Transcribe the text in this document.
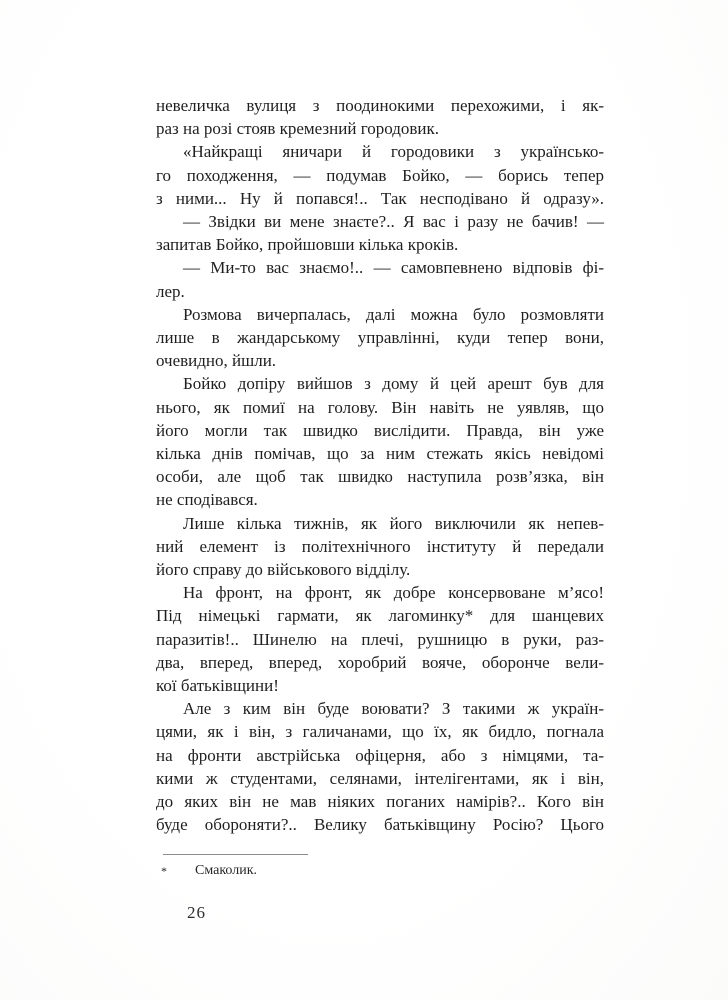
невеличка вулиця з поодинокими перехожими, і як-
раз на розі стояв кремезний городовик.
«Найкращі яничари й городовики з українсько-
го походження, — подумав Бойко, — борись тепер
з ними... Ну й попався!.. Так несподівано й одразу».
— Звідки ви мене знаєте?.. Я вас і разу не бачив! —
запитав Бойко, пройшовши кілька кроків.
— Ми-то вас знаємо!.. — самовпевнено відповів фі-
лер.
Розмова вичерпалась, далі можна було розмовляти
лише в жандарському управлінні, куди тепер вони,
очевидно, йшли.
Бойко допіру вийшов з дому й цей арешт був для
нього, як помиї на голову. Він навіть не уявляв, що
його могли так швидко вислідити. Правда, він уже
кілька днів помічав, що за ним стежать якісь невідомі
особи, але щоб так швидко наступила розв’язка, він
не сподівався.
Лише кілька тижнів, як його виключили як непев-
ний елемент із політехнічного інституту й передали
його справу до військового відділу.
На фронт, на фронт, як добре консервоване м’ясо!
Під німецькі гармати, як лагоминку* для шанцевих
паразитів!.. Шинелю на плечі, рушницю в руки, раз-
два, вперед, вперед, хоробрий вояче, оборонче вели-
кої батьківщини!
Але з ким він буде воювати? З такими ж україн-
цями, як і він, з галичанами, що їх, як бидло, погнала
на фронти австрійська офіцерня, або з німцями, та-
кими ж студентами, селянами, інтелігентами, як і він,
до яких він не мав ніяких поганих намірів?.. Кого він
буде обороняти?.. Велику батьківщину Росію? Цього
* Смаколик.
26
